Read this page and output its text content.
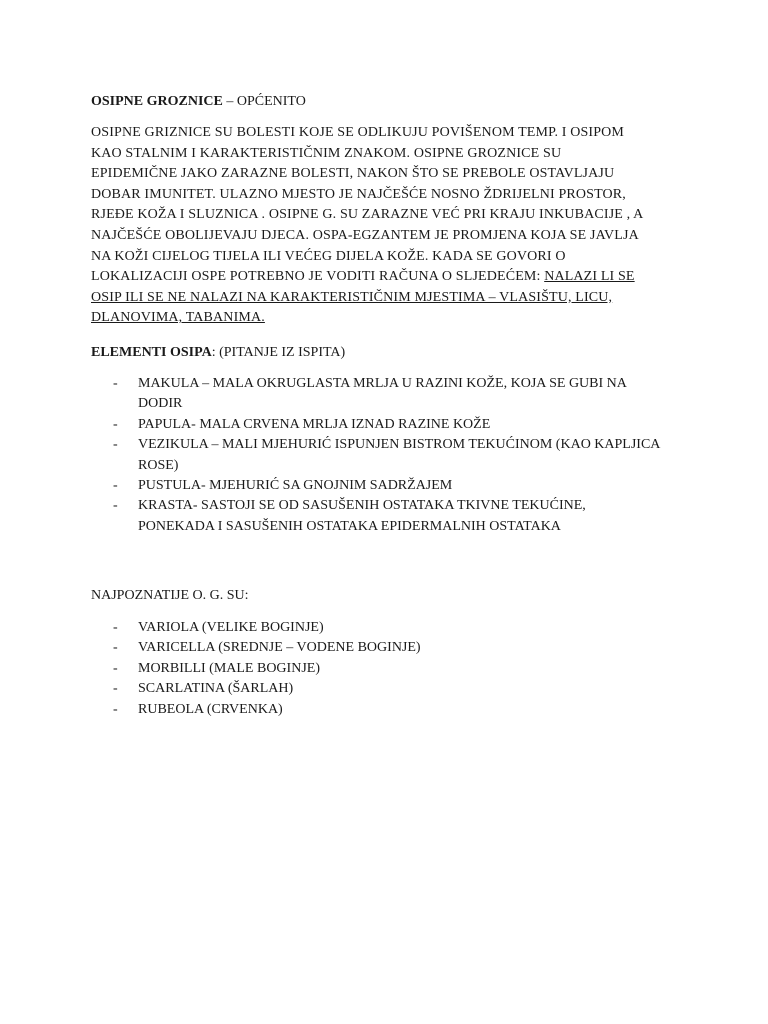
OSIPNE GROZNICE – OPĆENITO

OSIPNE GRIZNICE SU BOLESTI KOJE SE ODLIKUJU POVIŠENOM TEMP. I OSIPOM KAO STALNIM I KARAKTERISTIČNIM ZNAKOM. OSIPNE GROZNICE SU EPIDEMIČNE JAKO ZARAZNE BOLESTI, NAKON ŠTO SE PREBOLE OSTAVLJAJU DOBAR IMUNITET. ULAZNO MJESTO JE NAJČEŠĆE NOSNO ŽDRIJELNI PROSTOR, RJEĐE KOŽA I SLUZNICA . OSIPNE G. SU ZARAZNE VEĆ PRI KRAJU INKUBACIJE , A NAJČEŠĆE OBOLIJEVAJU DJECA. OSPA-EGZANTEM JE PROMJENA KOJA SE JAVLJA NA KOŽI CIJELOG TIJELA ILI VEĆEG DIJELA KOŽE. KADA SE GOVORI O LOKALIZACIJI OSPE POTREBNO JE VODITI RAČUNA O SLJEDEĆEM: NALAZI LI SE OSIP ILI SE NE NALAZI NA KARAKTERISTIČNIM MJESTIMA – VLASIŠTU, LICU, DLANOVIMA, TABANIMA.

ELEMENTI OSIPA: (PITANJE IZ ISPITA)
- MAKULA – MALA OKRUGLASTA MRLJA U RAZINI KOŽE, KOJA SE GUBI NA DODIR
- PAPULA- MALA CRVENA MRLJA IZNAD RAZINE KOŽE
- VEZIKULA – MALI MJEHURIĆ ISPUNJEN BISTROM TEKUĆINOM (KAO KAPLJICA ROSE)
- PUSTULA- MJEHURIĆ SA GNOJNIM SADRŽAJEM
- KRASTA- SASTOJI SE OD SASUŠENIH OSTATAKA TKIVNE TEKUĆINE, PONEKADA I SASUŠENIH OSTATAKA EPIDERMALNIH OSTATAKA
NAJPOZNATIJE O. G. SU:
- VARIOLA (VELIKE BOGINJE)
- VARICELLA (SREDNJE – VODENE BOGINJE)
- MORBILLI (MALE BOGINJE)
- SCARLATINA (ŠARLAH)
- RUBEOLA (CRVENKA)
